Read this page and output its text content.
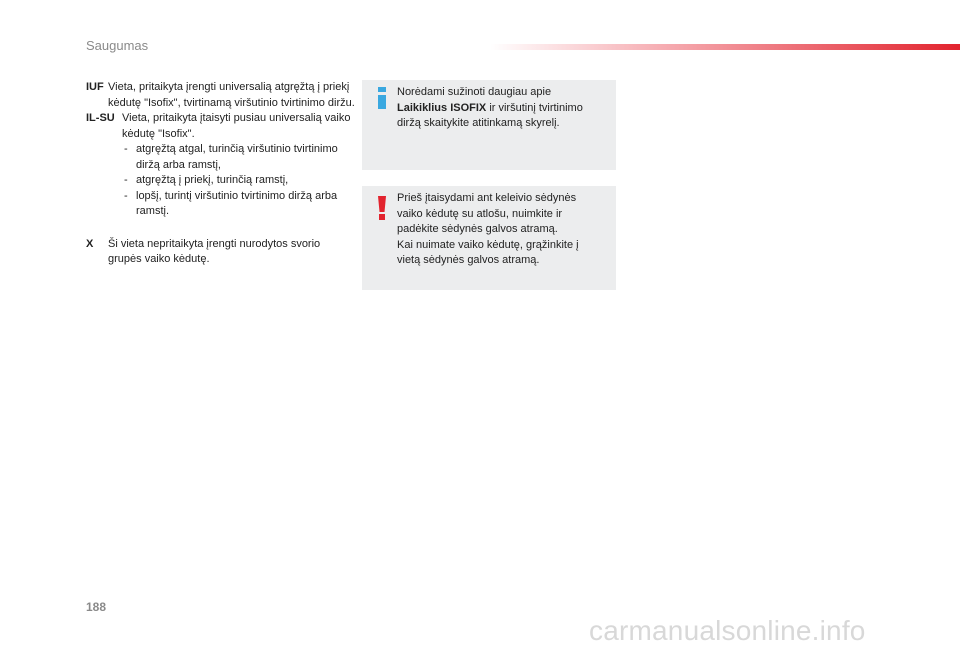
Saugumas
IUF Vieta, pritaikyta įrengti universalią atgręžtą į priekį kėdutę "Isofix", tvirtinamą viršutinio tvirtinimo diržu.
IL-SU Vieta, pritaikyta įtaisyti pusiau universalią vaiko kėdutę "Isofix".
- atgręžtą atgal, turinčią viršutinio tvirtinimo diržą arba ramstį,
- atgręžtą į priekį, turinčią ramstį,
- lopšį, turintį viršutinio tvirtinimo diržą arba ramstį.
X Ši vieta nepritaikyta įrengti nurodytos svorio grupės vaiko kėdutę.
Norėdami sužinoti daugiau apie
Laikiklius ISOFIX ir viršutinį tvirtinimo diržą skaitykite atitinkamą skyrelį.
Prieš įtaisydami ant keleivio sėdynės vaiko kėdutę su atlošu, nuimkite ir padėkite sėdynės galvos atramą.
Kai nuimate vaiko kėdutę, grąžinkite į vietą sėdynės galvos atramą.
188
carmanualsonline.info
